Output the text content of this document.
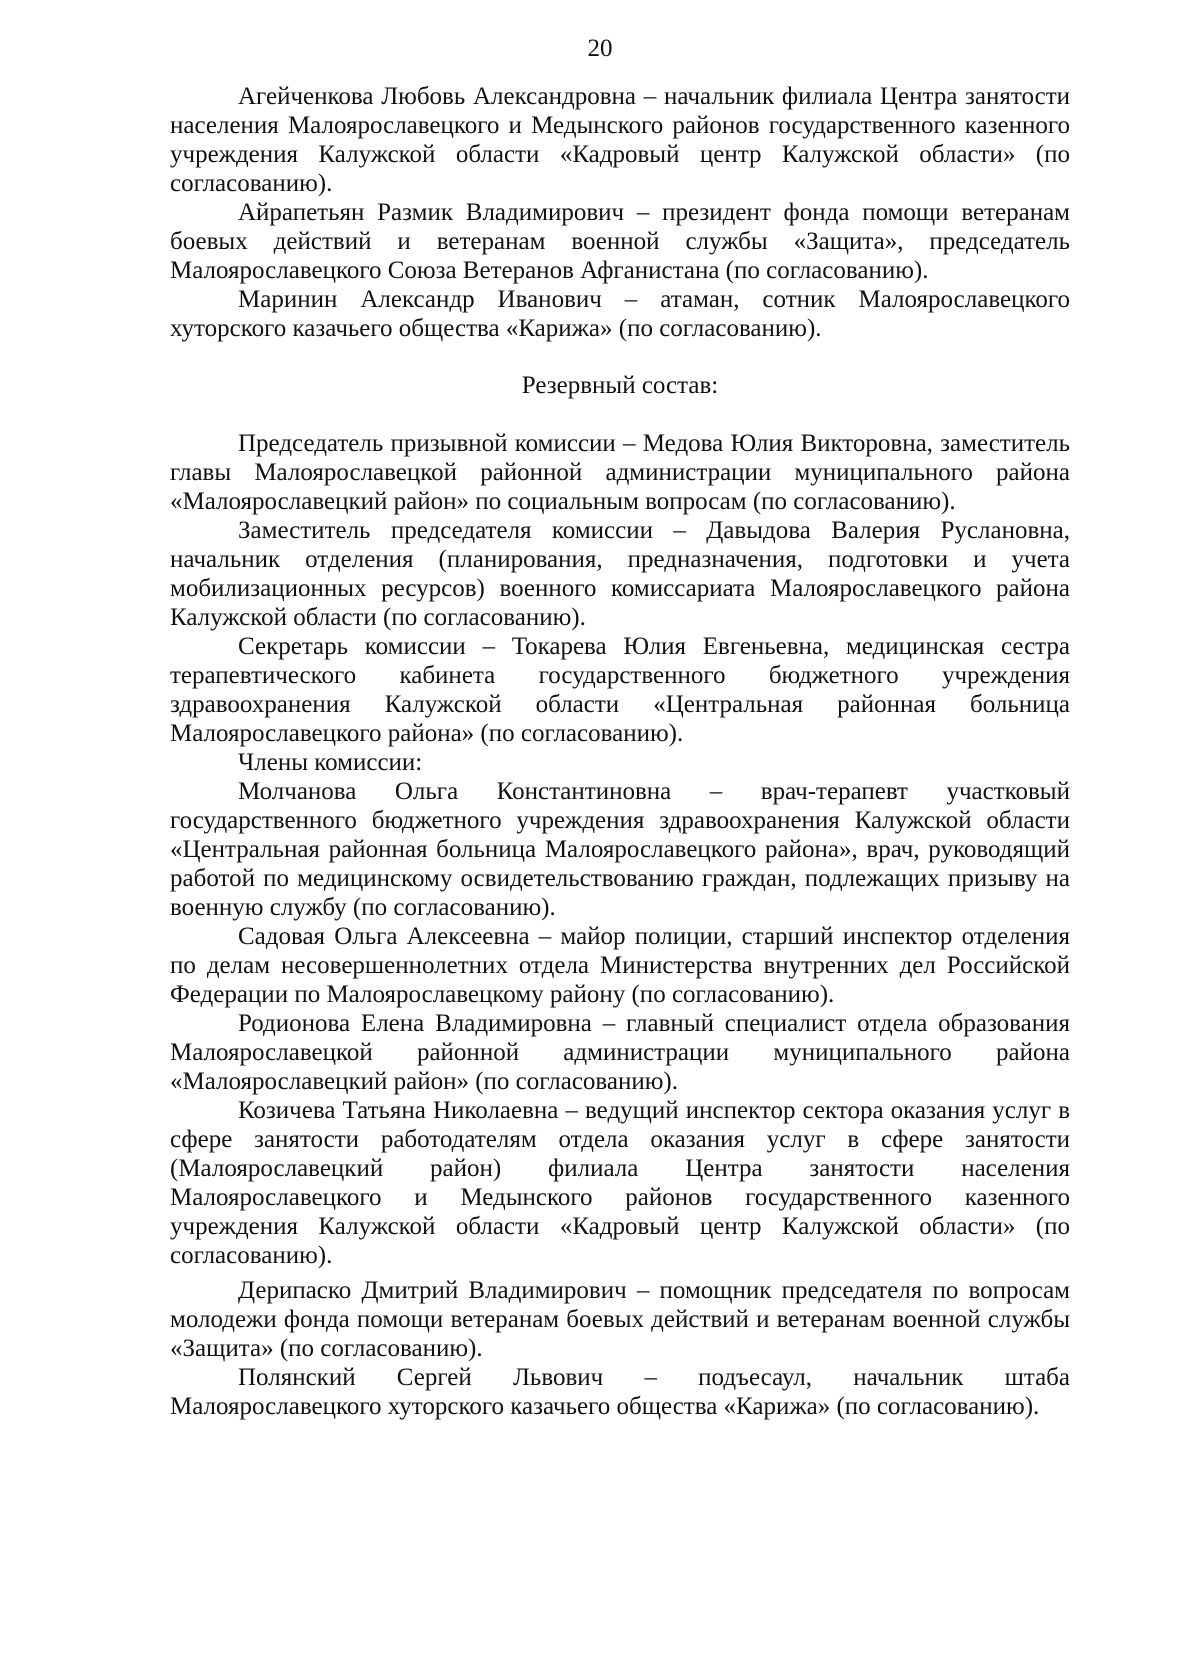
20

Агейченкова Любовь Александровна – начальник филиала Центра занятости населения Малоярославецкого и Медынского районов государственного казенного учреждения Калужской области «Кадровый центр Калужской области» (по согласованию).

Айрапетьян Размик Владимирович – президент фонда помощи ветеранам боевых действий и ветеранам военной службы «Защита», председатель Малоярославецкого Союза Ветеранов Афганистана (по согласованию).

Маринин Александр Иванович – атаман, сотник Малоярославецкого хуторского казачьего общества «Карижа» (по согласованию).

Резервный состав:

Председатель призывной комиссии – Медова Юлия Викторовна, заместитель главы Малоярославецкой районной администрации муниципального района «Малоярославецкий район» по социальным вопросам (по согласованию).

Заместитель председателя комиссии – Давыдова Валерия Руслановна, начальник отделения (планирования, предназначения, подготовки и учета мобилизационных ресурсов) военного комиссариата Малоярославецкого района Калужской области (по согласованию).

Секретарь комиссии – Токарева Юлия Евгеньевна, медицинская сестра терапевтического кабинета государственного бюджетного учреждения здравоохранения Калужской области «Центральная районная больница Малоярославецкого района» (по согласованию).

Члены комиссии:

Молчанова Ольга Константиновна – врач-терапевт участковый государственного бюджетного учреждения здравоохранения Калужской области «Центральная районная больница Малоярославецкого района», врач, руководящий работой по медицинскому освидетельствованию граждан, подлежащих призыву на военную службу (по согласованию).

Садовая Ольга Алексеевна – майор полиции, старший инспектор отделения по делам несовершеннолетних отдела Министерства внутренних дел Российской Федерации по Малоярославецкому району (по согласованию).

Родионова Елена Владимировна – главный специалист отдела образования Малоярославецкой районной администрации муниципального района «Малоярославецкий район» (по согласованию).

Козичева Татьяна Николаевна – ведущий инспектор сектора оказания услуг в сфере занятости работодателям отдела оказания услуг в сфере занятости (Малоярославецкий район) филиала Центра занятости населения Малоярославецкого и Медынского районов государственного казенного учреждения Калужской области «Кадровый центр Калужской области» (по согласованию).

Дерипаско Дмитрий Владимирович – помощник председателя по вопросам молодежи фонда помощи ветеранам боевых действий и ветеранам военной службы «Защита» (по согласованию).

Полянский Сергей Львович – подъесаул, начальник штаба Малоярославецкого хуторского казачьего общества «Карижа» (по согласованию).
